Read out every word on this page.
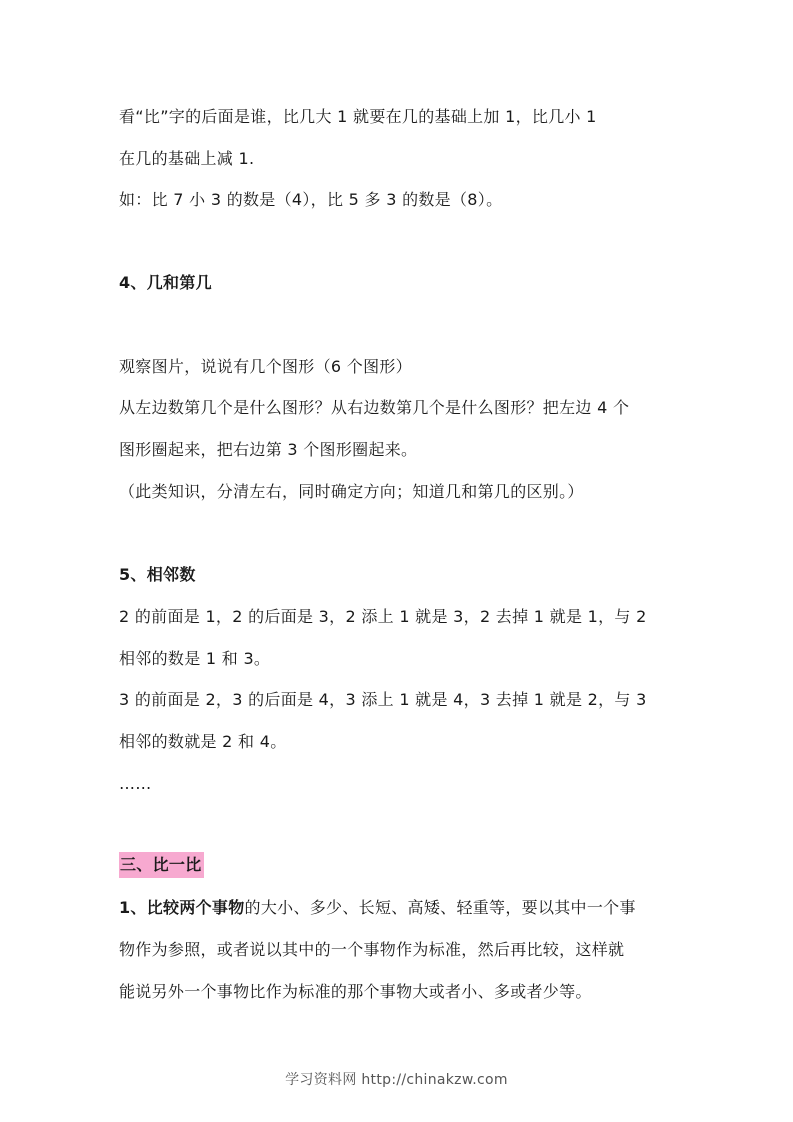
看“比”字的后面是谁，比几大 1 就要在几的基础上加 1，比几小 1
在几的基础上减 1.
如：比 7 小 3 的数是（4），比 5 多 3 的数是（8）。
4、几和第几
观察图片，说说有几个图形（6 个图形）
从左边数第几个是什么图形？从右边数第几个是什么图形？把左边 4 个
图形圈起来，把右边第 3 个图形圈起来。
（此类知识，分清左右，同时确定方向；知道几和第几的区别。）
5、相邻数
2 的前面是 1，2 的后面是 3，2 添上 1 就是 3，2 去掉 1 就是 1，与 2
相邻的数是 1 和 3。
3 的前面是 2，3 的后面是 4，3 添上 1 就是 4，3 去掉 1 就是 2，与 3
相邻的数就是 2 和 4。
……
三、比一比
1、比较两个事物的大小、多少、长短、高矮、轻重等，要以其中一个事
物作为参照，或者说以其中的一个事物作为标准，然后再比较，这样就
能说另外一个事物比作为标准的那个事物大或者小、多或者少等。
学习资料网 http://chinakzw.com
